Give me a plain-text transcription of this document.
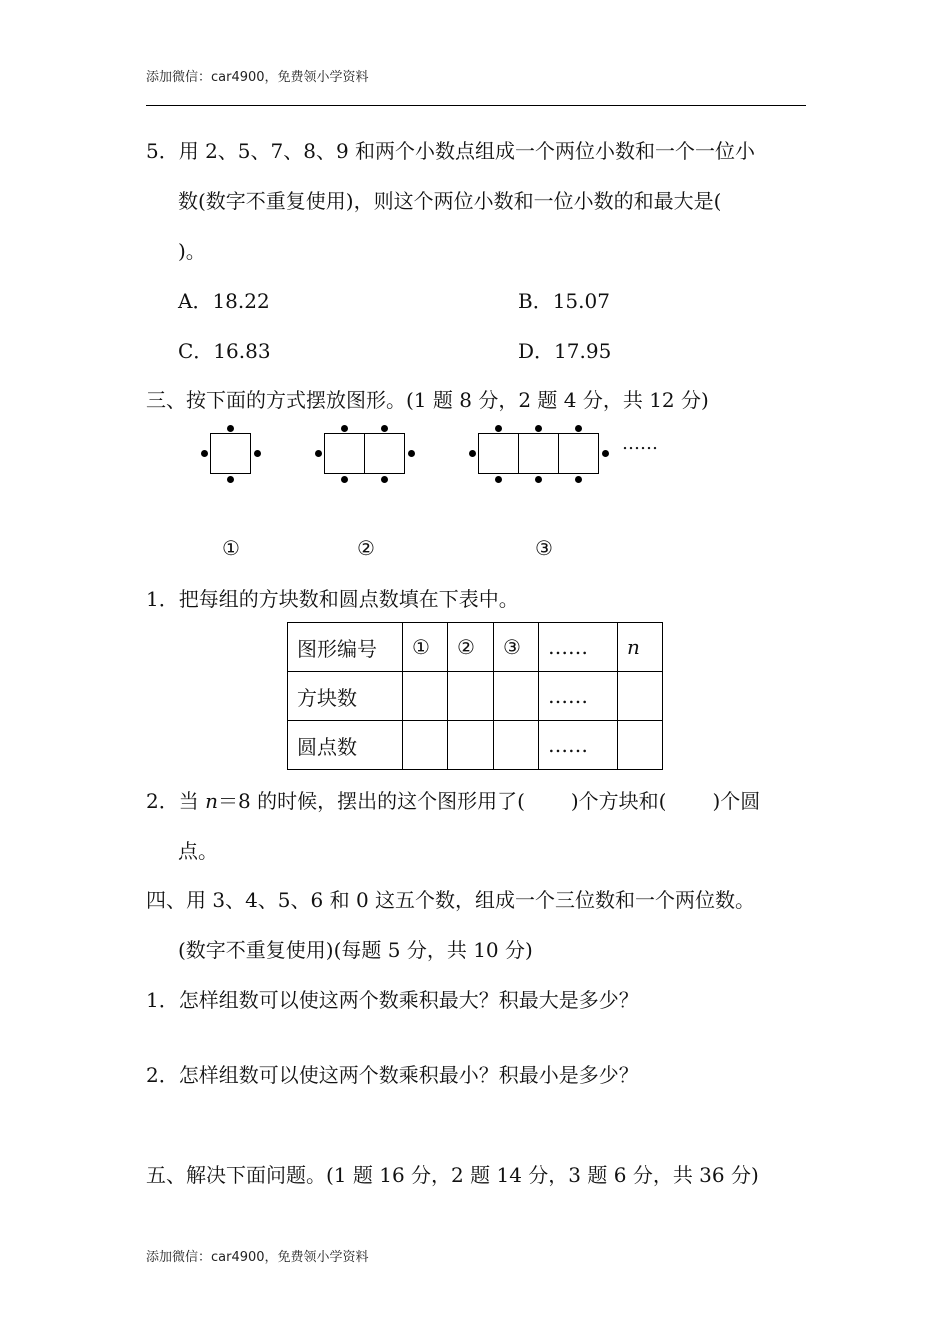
添加微信：car4900，免费领小学资料
5．用 2、5、7、8、9 和两个小数点组成一个两位小数和一个一位小
数(数字不重复使用)，则这个两位小数和一位小数的和最大是(
)。
A．18.22	B．15.07
C．16.83	D．17.95
三、按下面的方式摆放图形。(1 题 8 分，2 题 4 分，共 12 分)
……
①	②	③
1．把每组的方块数和圆点数填在下表中。
图形编号	①	②	③	……	n
方块数				……	
圆点数				……	
2．当 n＝8 的时候，摆出的这个图形用了( )个方块和( )个圆
点。
四、用 3、4、5、6 和 0 这五个数，组成一个三位数和一个两位数。
(数字不重复使用)(每题 5 分，共 10 分)
1．怎样组数可以使这两个数乘积最大？积最大是多少？
2．怎样组数可以使这两个数乘积最小？积最小是多少？
五、解决下面问题。(1 题 16 分，2 题 14 分，3 题 6 分，共 36 分)
添加微信：car4900，免费领小学资料
